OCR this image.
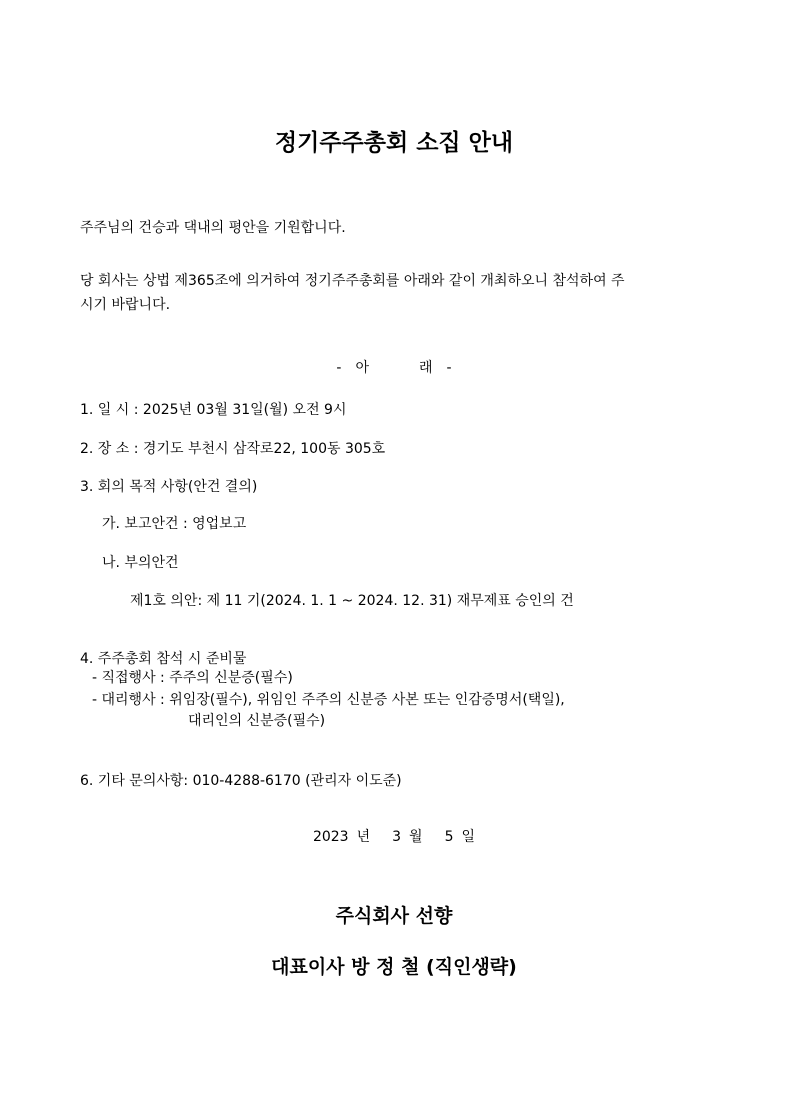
정기주주총회 소집 안내
주주님의 건승과 댁내의 평안을 기원합니다.
당 회사는 상법 제365조에 의거하여 정기주주총회를 아래와 같이 개최하오니 참석하여 주
시기 바랍니다.
- 아	래 -
1. 일 시 : 2025년 03월 31일(월) 오전 9시
2. 장 소 : 경기도 부천시 삼작로22, 100동 305호
3. 회의 목적 사항(안건 결의)
가. 보고안건 : 영업보고
나. 부의안건
제1호 의안: 제 11 기(2024. 1. 1 ~ 2024. 12. 31) 재무제표 승인의 건
4. 주주총회 참석 시 준비물
- 직접행사 : 주주의 신분증(필수)
- 대리행사 : 위임장(필수), 위임인 주주의 신분증 사본 또는 인감증명서(택일),
대리인의 신분증(필수)
6. 기타 문의사항: 010-4288-6170 (관리자 이도준)
2023 년 3 월 5 일
주식회사 선향
대표이사 방 정 철 (직인생략)
